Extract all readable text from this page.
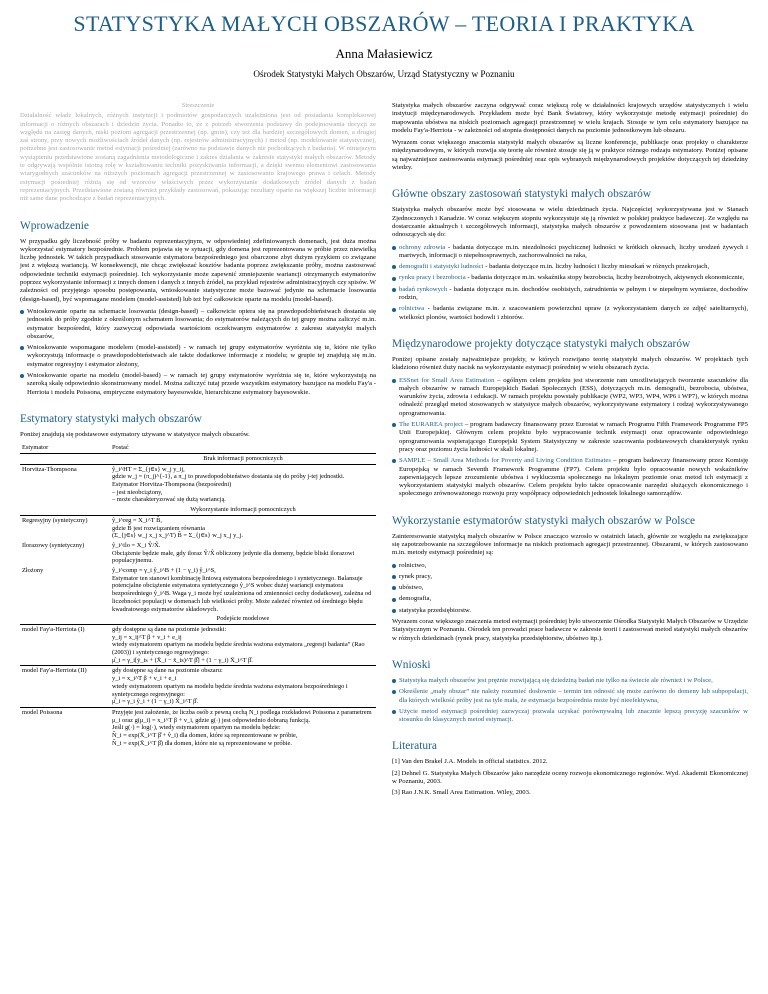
STATYSTYKA MAŁYCH OBSZARÓW – TEORIA I PRAKTYKA
Anna Małasiewicz
Ośrodek Statystyki Małych Obszarów, Urząd Statystyczny w Poznaniu
Streszczenie

Działalność władz lokalnych, różnych instytucji i podmiotów gospodarczych uzależniona jest od posiadania kompleksowej informacji o różnych obszarach i dziedzin życia. Ponadto to, że z potrzeb stworzenia podstawy do podejmowania decyzji ze względu na zasięg danych, niski poziom agregacji przestrzennej (np. gmin), czy też dla bardziej szczegółowych domen, a drugiej zaś strony, przy nowych możliwościach źródeł danych (np. rejestrów administracyjnych) i metod (np. modelowanie statystyczne), potrzebne jest zastosowanie metod estymacji pośredniej (zarówno na podstawie danych nie pochodzących z badania). W niniejszym wystąpieniu przedstawione zostaną zagadnienia metodologiczne i zakres działania w zakresie statystyki małych obszarów. Metody te odgrywają wspólnie istotną rolę w kształtowaniu techniki pozyskiwania informacji, a dzięki swemu elementowi zastosowania wiarygodnych szacunków na niższych poziomach agregacji przestrzennej w zastosowaniu krajowego prawa i celach. Metody estymacji pośredniej różnią się od wzorców właściwych przez wykorzystanie dodatkowych źródeł danych z badań reprezentacyjnych. Przedstawione zostaną również przykłady zastosowań, pokazując rezultaty oparte na większej liczbie informacji niż same dane pochodzące z badań reprezentacyjnych.

Wprowadzenie

W przypadku gdy liczebność próby w badaniu reprezentacyjnym, w odpowiedniej zdefiniowanych domenach, jest duża można wykorzystać estymatory bezpośrednie. Problem pojawia się w sytuacji, gdy domena jest reprezentowana w próbie przez niewielką liczbę jednostek. W takich przypadkach stosowanie estymatora bezpośredniego jest obarczone zbyt dużym ryzykiem co związane jest z większą wariancją. W konsekwencji, nie chcąc zwiększać kosztów badania poprzez zwiększanie próby, można zastosować odpowiednie techniki estymacji pośredniej. Ich wykorzystanie może zapewnić zmniejszenie wariancji otrzymanych estymatorów poprzez wykorzystanie informacji z innych domen i danych z innych źródeł, na przykład rejestrów administracyjnych czy spisów. W zależności od przyjętego sposobu postępowania, wnioskowanie statystyczne może bazować jedynie na schemacie losowania (design-based), być wspomagane modelem (model-assisted) lub też być całkowicie oparte na modelu (model-based).

Wnioskowanie oparte na schemacie losowania (design-based) – całkowicie opiera się na prawdopodobieństwach dostania się jednostek do próby zgodnie z określonym schematem losowania; do estymatorów należących do tej grupy można zaliczyć m.in. estymator bezpośredni, który zazwyczaj odpowiada wartościom oczekiwanym estymatorów z zakresu statystyki małych obszarów,
Wnioskowanie wspomagane modelem (model-assisted) - w ramach tej grupy estymatorów wyróżnia się te, które nie tylko wykorzystują informacje o prawdopodobieństwach ale także dodatkowe informacje z modelu; w grupie tej znajdują się m.in. estymator regresyjny i estymator złożony,
Wnioskowanie oparte na modelu (model-based) – w ramach tej grupy estymatorów wyróżnia się te, które wykorzystują na szeroką skalę odpowiednio skonstruowany model. Można zaliczyć tutaj przede wszystkim estymatory bazujące na modelu Fay'a - Herriota i modelu Poissona, empiryczne estymatory bayesowskie, hierarchiczne estymatory bayesowskie.
Estymatory statystyki małych obszarów

Poniżej znajdują się podstawowe estymatory używane w statystyce małych obszarów.

Estymator	Postać
	Brak informacji pomocniczych
Horvitza-Thompsona	ŷ_i^HT = Σ_{j∈s} w_j y_ij,
gdzie w_j = (π_j)^{-1}, a π_j to prawdopodobieństwo dostania się do próby j-tej jednostki.
Estymator Horvitza-Thompsona (bezpośredni)
– jest nieobciążony,
– może charakteryzować się dużą wariancją.

	Wykorzystanie informacji pomocniczych
Regresyjny (syntetyczny)	ŷ_i^reg = X_i^T B̂,
gdzie B̂ jest rozwiązaniem równania
(Σ_{j∈s} w_j x_j x_j^T) B̂ = Σ_{j∈s} w_j x_j y_j.

Ilorazowy (syntetyczny)	ŷ_i^ilo = X_i Ŷ/X̂.
Obciążenie będzie małe, gdy iloraz Ŷ/X̂ obliczony jedynie dla domeny, będzie bliski ilorazowi populacyjnemu.

Złożony	ŷ_i^comp = γ_i ŷ_i^B + (1 − γ_i) ŷ_i^S,
Estymator ten stanowi kombinację liniową estymatora bezpośredniego i syntetycznego. Balansuje potencjalne obciążenie estymatora syntetycznego ŷ_i^S wobec dużej wariancji estymatora bezpośredniego ŷ_i^B. Waga γ_i może być uzależniona od zmienności cechy dodatkowej, zależna od liczebności populacji w domenach lub wielkości próby. Może zależeć również od średniego błędu kwadratowego estymatorów składowych.

	Podejście modelowe
model Fay'a-Herriota (I)	gdy dostępne są dane na poziomie jednostki:
y_ij = x_ij^T β + v_i + e_ij
wtedy estymatorem opartym na modelu będzie średnia ważona estymatora „regresji badania” (Rao (2003)) i syntetycznego regresyjnego:
μ̂_i = γ_i[ȳ_is + (X̄_i − x̄_is)^T β̂] + (1 − γ_i) X̄_i^T β̂.

model Fay'a-Herriota (II)	gdy dostępne są dane na poziomie obszaru:
y_i = x_i^T β + v_i + e_i
wtedy estymatorem opartym na modelu będzie średnia ważona estymatora bezpośredniego i syntetycznego regresyjnego:
μ̂_i = γ_i ŷ_i + (1 − γ_i) X̄_i^T β̂.

model Poissona	Przyjęte jest założenie, że liczba osób z pewną cechą N_i podlega rozkładowi Poissona z parametrem μ_i oraz g(μ_i) = x_i^T β + v_i, gdzie g(·) jest odpowiednio dobraną funkcją.
Jeśli g(·) = log(·), wtedy estymatorem opartym na modelu będzie:
N̂_i = exp(X̄_i^T β̂ + v̂_i) dla domen, które są reprezentowane w próbie,
N̂_i = exp(X̄_i^T β̂) dla domen, które nie są reprezentowane w próbie.

Statystyka małych obszarów zaczyna odgrywać coraz większą rolę w działalności krajowych urzędów statystycznych i wielu instytucji międzynarodowych. Przykładem może być Bank Światowy, który wykorzystuje metodę estymacji pośredniej do mapowania ubóstwa na niskich poziomach agregacji przestrzennej w wielu krajach. Stosuje w tym celu estymatory bazujące na modelu Fay'a-Herriota - w zależności od stopnia dostępności danych na poziomie jednostkowym lub obszaru.

Wyrazem coraz większego znaczenia statystyki małych obszarów są liczne konferencje, publikacje oraz projekty o charakterze międzynarodowym, w których rozwija się teorię ale również stosuje się ją w praktyce różnego rodzaju estymatory. Poniżej opisane są najważniejsze zastosowania estymacji pośredniej oraz opis wybranych międzynarodowych projektów dotyczących tej dziedziny wiedzy.

Główne obszary zastosowań statystyki małych obszarów

Statystyka małych obszarów może być stosowana w wielu dziedzinach życia. Najczęściej wykorzystywana jest w Stanach Zjednoczonych i Kanadzie. W coraz większym stopniu wykorzystuje się ją również w polskiej praktyce badawczej. Ze względu na dostarczanie aktualnych i szczegółowych informacji, statystyka małych obszarów z powodzeniem stosowana jest w badaniach odnoszących się do:

ochrony zdrowia - badania dotyczące m.in. niezdolności psychicznej ludności w krótkich okresach, liczby urodzeń żywych i martwych, informacji o niepełnosprawnych, zachorowalności na raka,
demografii i statystyki ludności - badania dotyczące m.in. liczby ludności i liczby mieszkań w różnych przekrojach,
rynku pracy i bezrobocia - badania dotyczące m.in. wskaźnika stopy bezrobocia, liczby bezrobotnych, aktywnych ekonomicznie,
badań rynkowych - badania dotyczące m.in. dochodów osobistych, zatrudnienia w pełnym i w niepełnym wymiarze, dochodów rodzin,
rolnictwa - badania związane m.in. z szacowaniem powierzchni upraw (z wykorzystaniem danych ze zdjęć satelitarnych), wielkości plonów, wartości hodowli i zbiorów.
Międzynarodowe projekty dotyczące statystyki małych obszarów

Poniżej opisane zostały najważniejsze projekty, w których rozwijano teorię statystyki małych obszarów. W projektach tych kładziono również duży nacisk na wykorzystanie estymacji pośredniej w wielu obszarach życia.

ESSnet for Small Area Estimation – ogólnym celem projektu jest stworzenie ram umożliwiających tworzenie szacunków dla małych obszarów w ramach Europejskich Badań Społecznych (ESS), dotyczących m.in. demografii, bezrobocia, ubóstwa, warunków życia, zdrowia i edukacji. W ramach projektu powstały publikacje (WP2, WP3, WP4, WP6 i WP7), w których można odnaleźć przegląd metod stosowanych w statystyce małych obszarów, wykorzystywane estymatory i rodzaj wykorzystywanego oprogramowania.
The EURAREA project – program badawczy finansowany przez Eurostat w ramach Programu Fifth Framework Programme FP5 Unii Europejskiej. Głównym celem projektu było wypracowanie technik estymacji oraz opracowanie odpowiedniego oprogramowania wspierającego Europejski System Statystyczny w zakresie szacowania podstawowych charakterystyk rynku pracy oraz poziomu życia ludności w skali lokalnej.
SAMPLE – Small Area Methods for Poverty and Living Condition Estimates – program badawczy finansowany przez Komisję Europejską w ramach Seventh Framework Programme (FP7). Celem projektu było opracowanie nowych wskaźników zapewniających lepsze zrozumienie ubóstwa i wykluczenia społecznego na lokalnym poziomie oraz metod ich estymacji z wykorzystaniem statystyki małych obszarów. Celem projektu było także opracowanie narzędzi służących ekonomicznego i społecznego zrównoważonego rozwoju przy współpracy odpowiednich jednostek lokalnego samorządów.
Wykorzystanie estymatorów statystyki małych obszarów w Polsce

Zainteresowanie statystyką małych obszarów w Polsce znacząco wzrosło w ostatnich latach, głównie ze względu na zwiększające się zapotrzebowanie na szczegółowe informacje na niskich poziomach agregacji przestrzennej. Obszarami, w których zastosowano m.in. metody estymacji pośredniej są:

rolnictwo,
rynek pracy,
ubóstwo,
demografia,
statystyka przedsiębiorstw.

Wyrazem coraz większego znaczenia metod estymacji pośredniej było utworzenie Ośrodka Statystyki Małych Obszarów w Urzędzie Statystycznym w Poznaniu. Ośrodek ten prowadzi prace badawcze w zakresie teorii i zastosowań metod statystyki małych obszarów w różnych dziedzinach (rynek pracy, statystyka przedsiębiorstw, ubóstwo itp.).

Wnioski
Statystyka małych obszarów jest prężnie rozwijającą się dziedziną badań nie tylko na świecie ale również i w Polsce,
Określenie „mały obszar” nie należy rozumieć dosłownie – termin ten odnosić się może zarówno do domeny lub subpopulacji, dla których wielkość próby jest na tyle mała, że estymacja bezpośrednia może być nieefektywna,
Użycie metod estymacji pośredniej zazwyczaj pozwala uzyskać porównywalną lub znacznie lepszą precyzję szacunków w stosunku do klasycznych metod estymacji.
Literatura

[1] Van den Brakel J.A. Models in official statistics. 2012.

[2] Dehnel G. Statystyka Małych Obszarów jako narzędzie oceny rozwoju ekonomicznego regionów. Wyd. Akademii Ekonomicznej w Poznaniu, 2003.

[3] Rao J.N.K. Small Area Estimation. Wiley, 2003.
